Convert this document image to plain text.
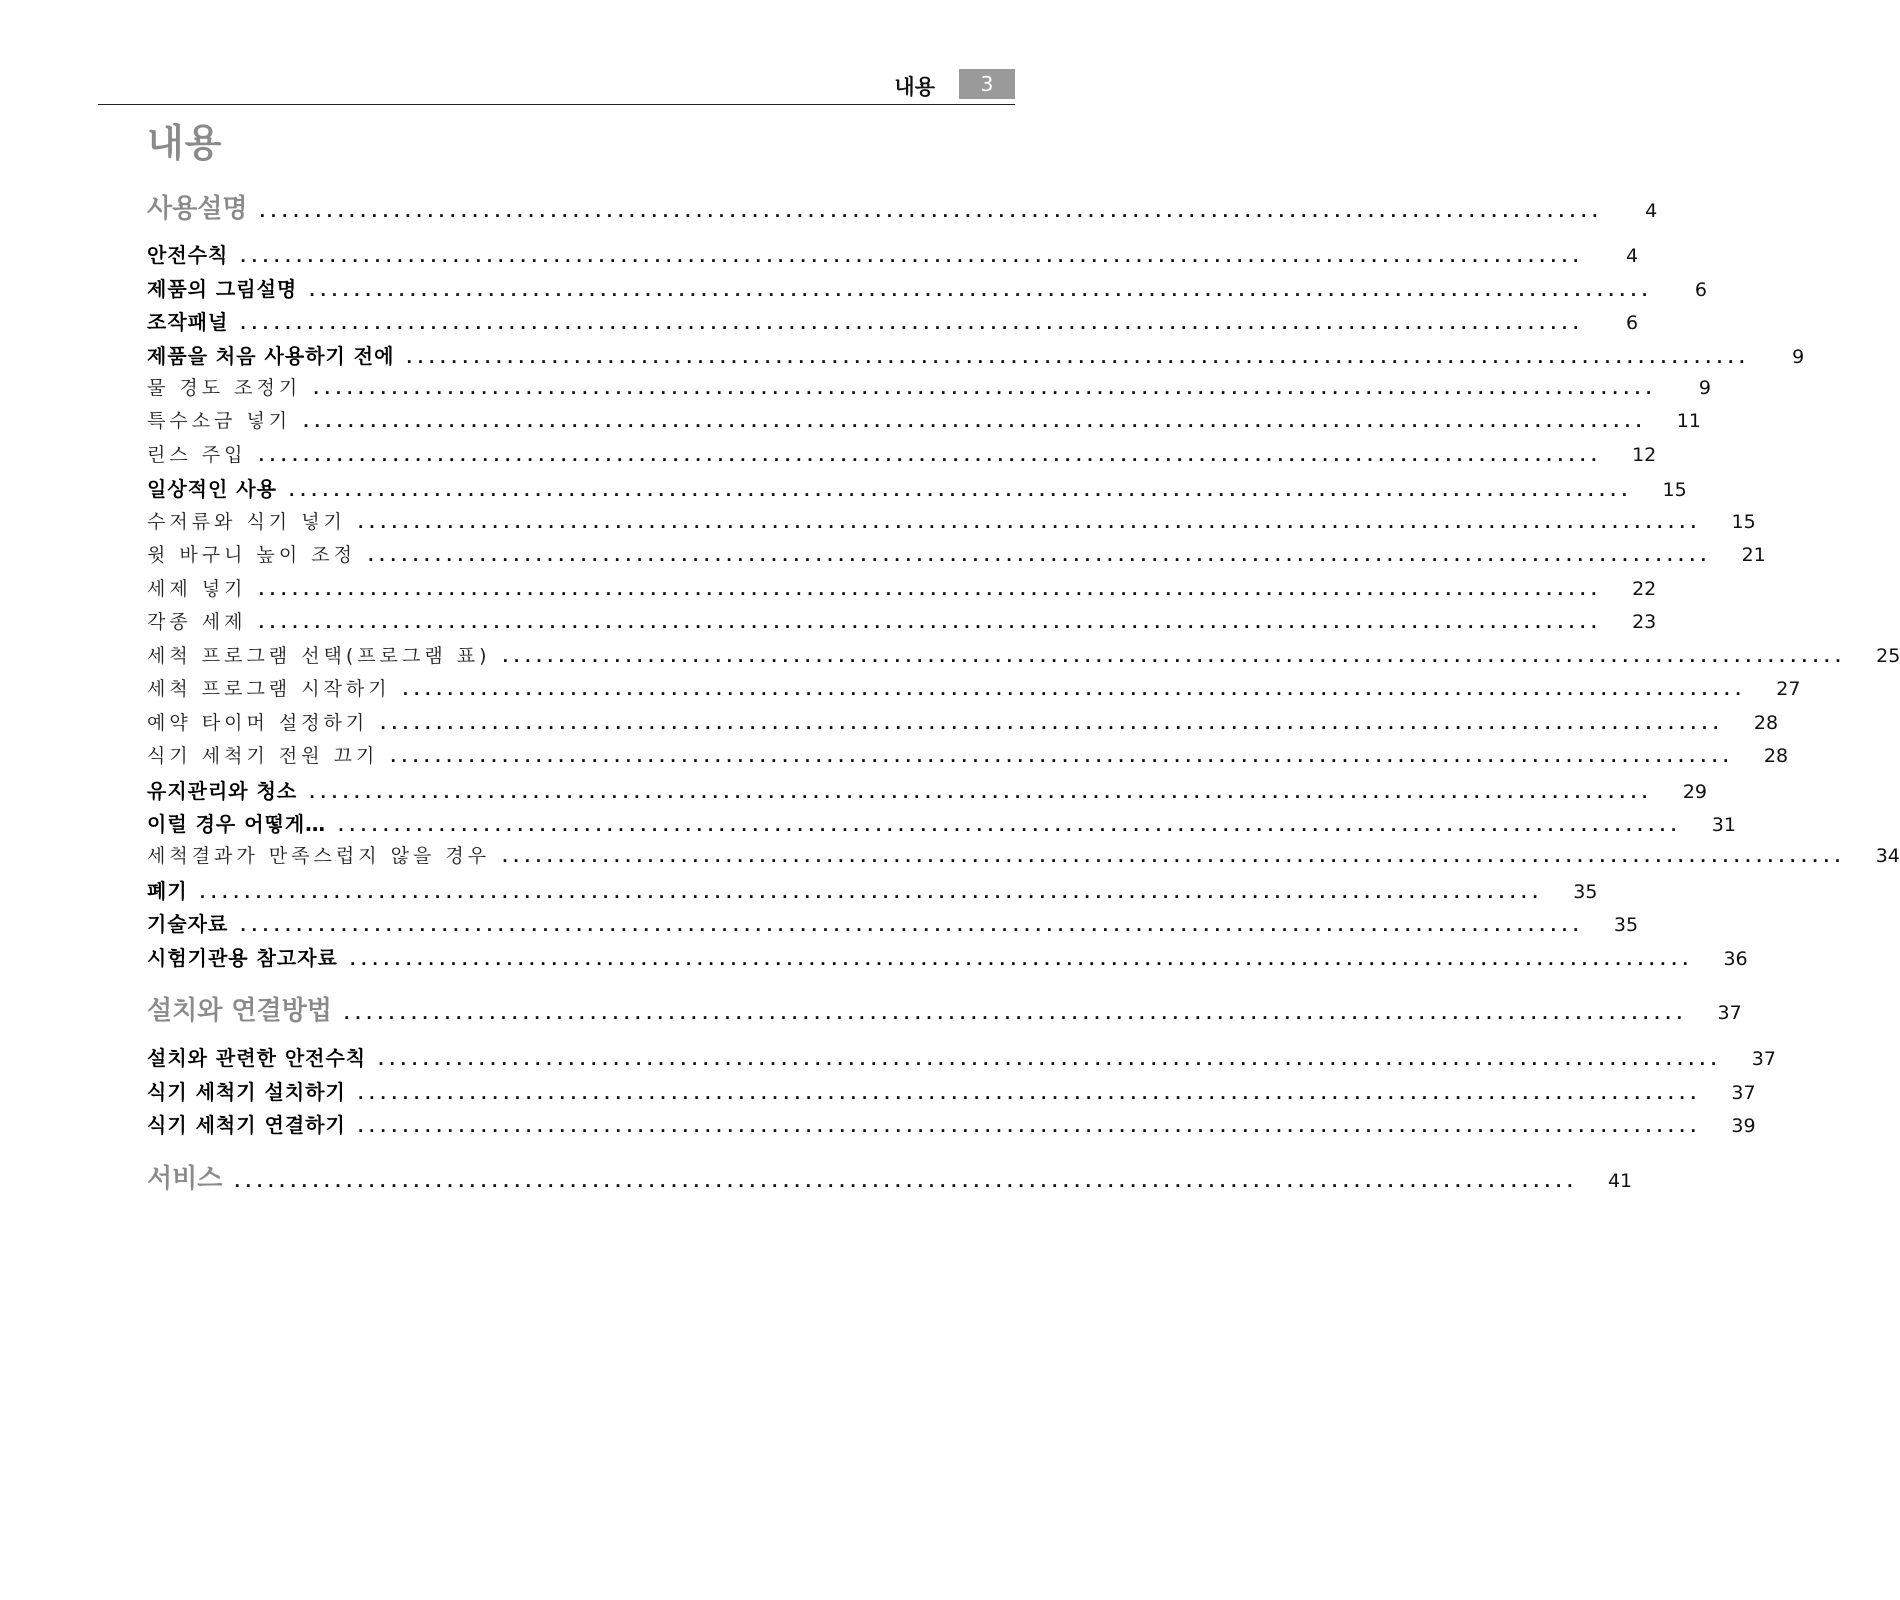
내용	3
내용
사용설명 ........................................................................................................................	4
안전수칙 ........................................................................................................................	4
제품의 그림설명 ........................................................................................................................	6
조작패널 ........................................................................................................................	6
제품을 처음 사용하기 전에 ........................................................................................................................	9
물 경도 조정기 ........................................................................................................................	9
특수소금 넣기 ........................................................................................................................	11
린스 주입 ........................................................................................................................	12
일상적인 사용 ........................................................................................................................	15
수저류와 식기 넣기 ........................................................................................................................	15
윗 바구니 높이 조정 ........................................................................................................................	21
세제 넣기 ........................................................................................................................	22
각종 세제 ........................................................................................................................	23
세척 프로그램 선택(프로그램 표) ........................................................................................................................	25
세척 프로그램 시작하기 ........................................................................................................................	27
예약 타이머 설정하기 ........................................................................................................................	28
식기 세척기 전원 끄기 ........................................................................................................................	28
유지관리와 청소 ........................................................................................................................	29
이럴 경우 어떻게… ........................................................................................................................	31
세척결과가 만족스럽지 않을 경우 ........................................................................................................................	34
폐기 ........................................................................................................................	35
기술자료 ........................................................................................................................	35
시험기관용 참고자료 ........................................................................................................................	36
설치와 연결방법 ........................................................................................................................	37
설치와 관련한 안전수칙 ........................................................................................................................	37
식기 세척기 설치하기 ........................................................................................................................	37
식기 세척기 연결하기 ........................................................................................................................	39
서비스 ........................................................................................................................	41
